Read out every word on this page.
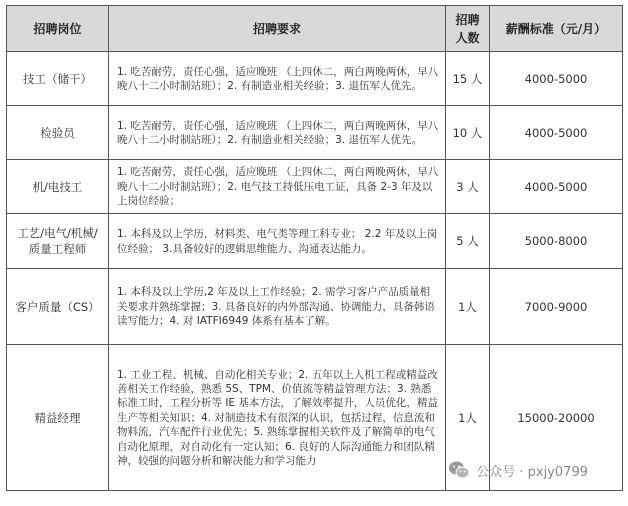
招聘岗位	招聘要求	招聘人数	薪酬标准（元/月）
技工（储干）	1. 吃苦耐劳，责任心强，适应晚班 （上四休二，两白两晚两休，早八晚八十二小时制站班）；2. 有制造业相关经验；3. 退伍军人优先。	15 人	4000-5000
检验员	1. 吃苦耐劳，责任心强，适应晚班 （上四休二，两白两晚两休，早八晚八十二小时制站班）；2. 有制造业相关经验；3. 退伍军人优先。	10 人	4000-5000
机/电技工	1. 吃苦耐劳，责任心强，适应晚班 （上四休二，两白两晚两休，早八晚八十二小时制站班）；2. 电气技工持低压电工证，具备 2-3 年及以上岗位经验；	3 人	4000-5000
工艺/电气/机械/质量工程师	1. 本科及以上学历，材料类、电气类等理工科专业； 2.2 年及以上岗位经验； 3.具备较好的逻辑思维能力、沟通表达能力。	5 人	5000-8000
客户质量（CS）	1. 本科及以上学历,2 年及以上工作经验；2. 需学习客户产品质量相关要求并熟练掌握；3. 具备良好的内外部沟通、协调能力，具备韩语读写能力；4. 对 IATFI6949 体系有基本了解。	1人	7000-9000
精益经理	1. 工业工程、机械、自动化相关专业；2. 五年以上人机工程或精益改善相关工作经验，熟悉 5S、TPM、价值流等精益管理方法；3. 熟悉标准工时，工程分析等 IE 基本方法，了解效率提升，人员优化，精益生产等相关知识；4. 对制造技术有很深的认识，包括过程，信息流和物料流，汽车配件行业优先；5. 熟练掌握相关软件及了解简单的电气自动化原理，对自动化有一定认知；6. 良好的人际沟通能力和团队精神，较强的问题分析和解决能力和学习能力	1人	15000-20000
公众号 · pxjy0799
